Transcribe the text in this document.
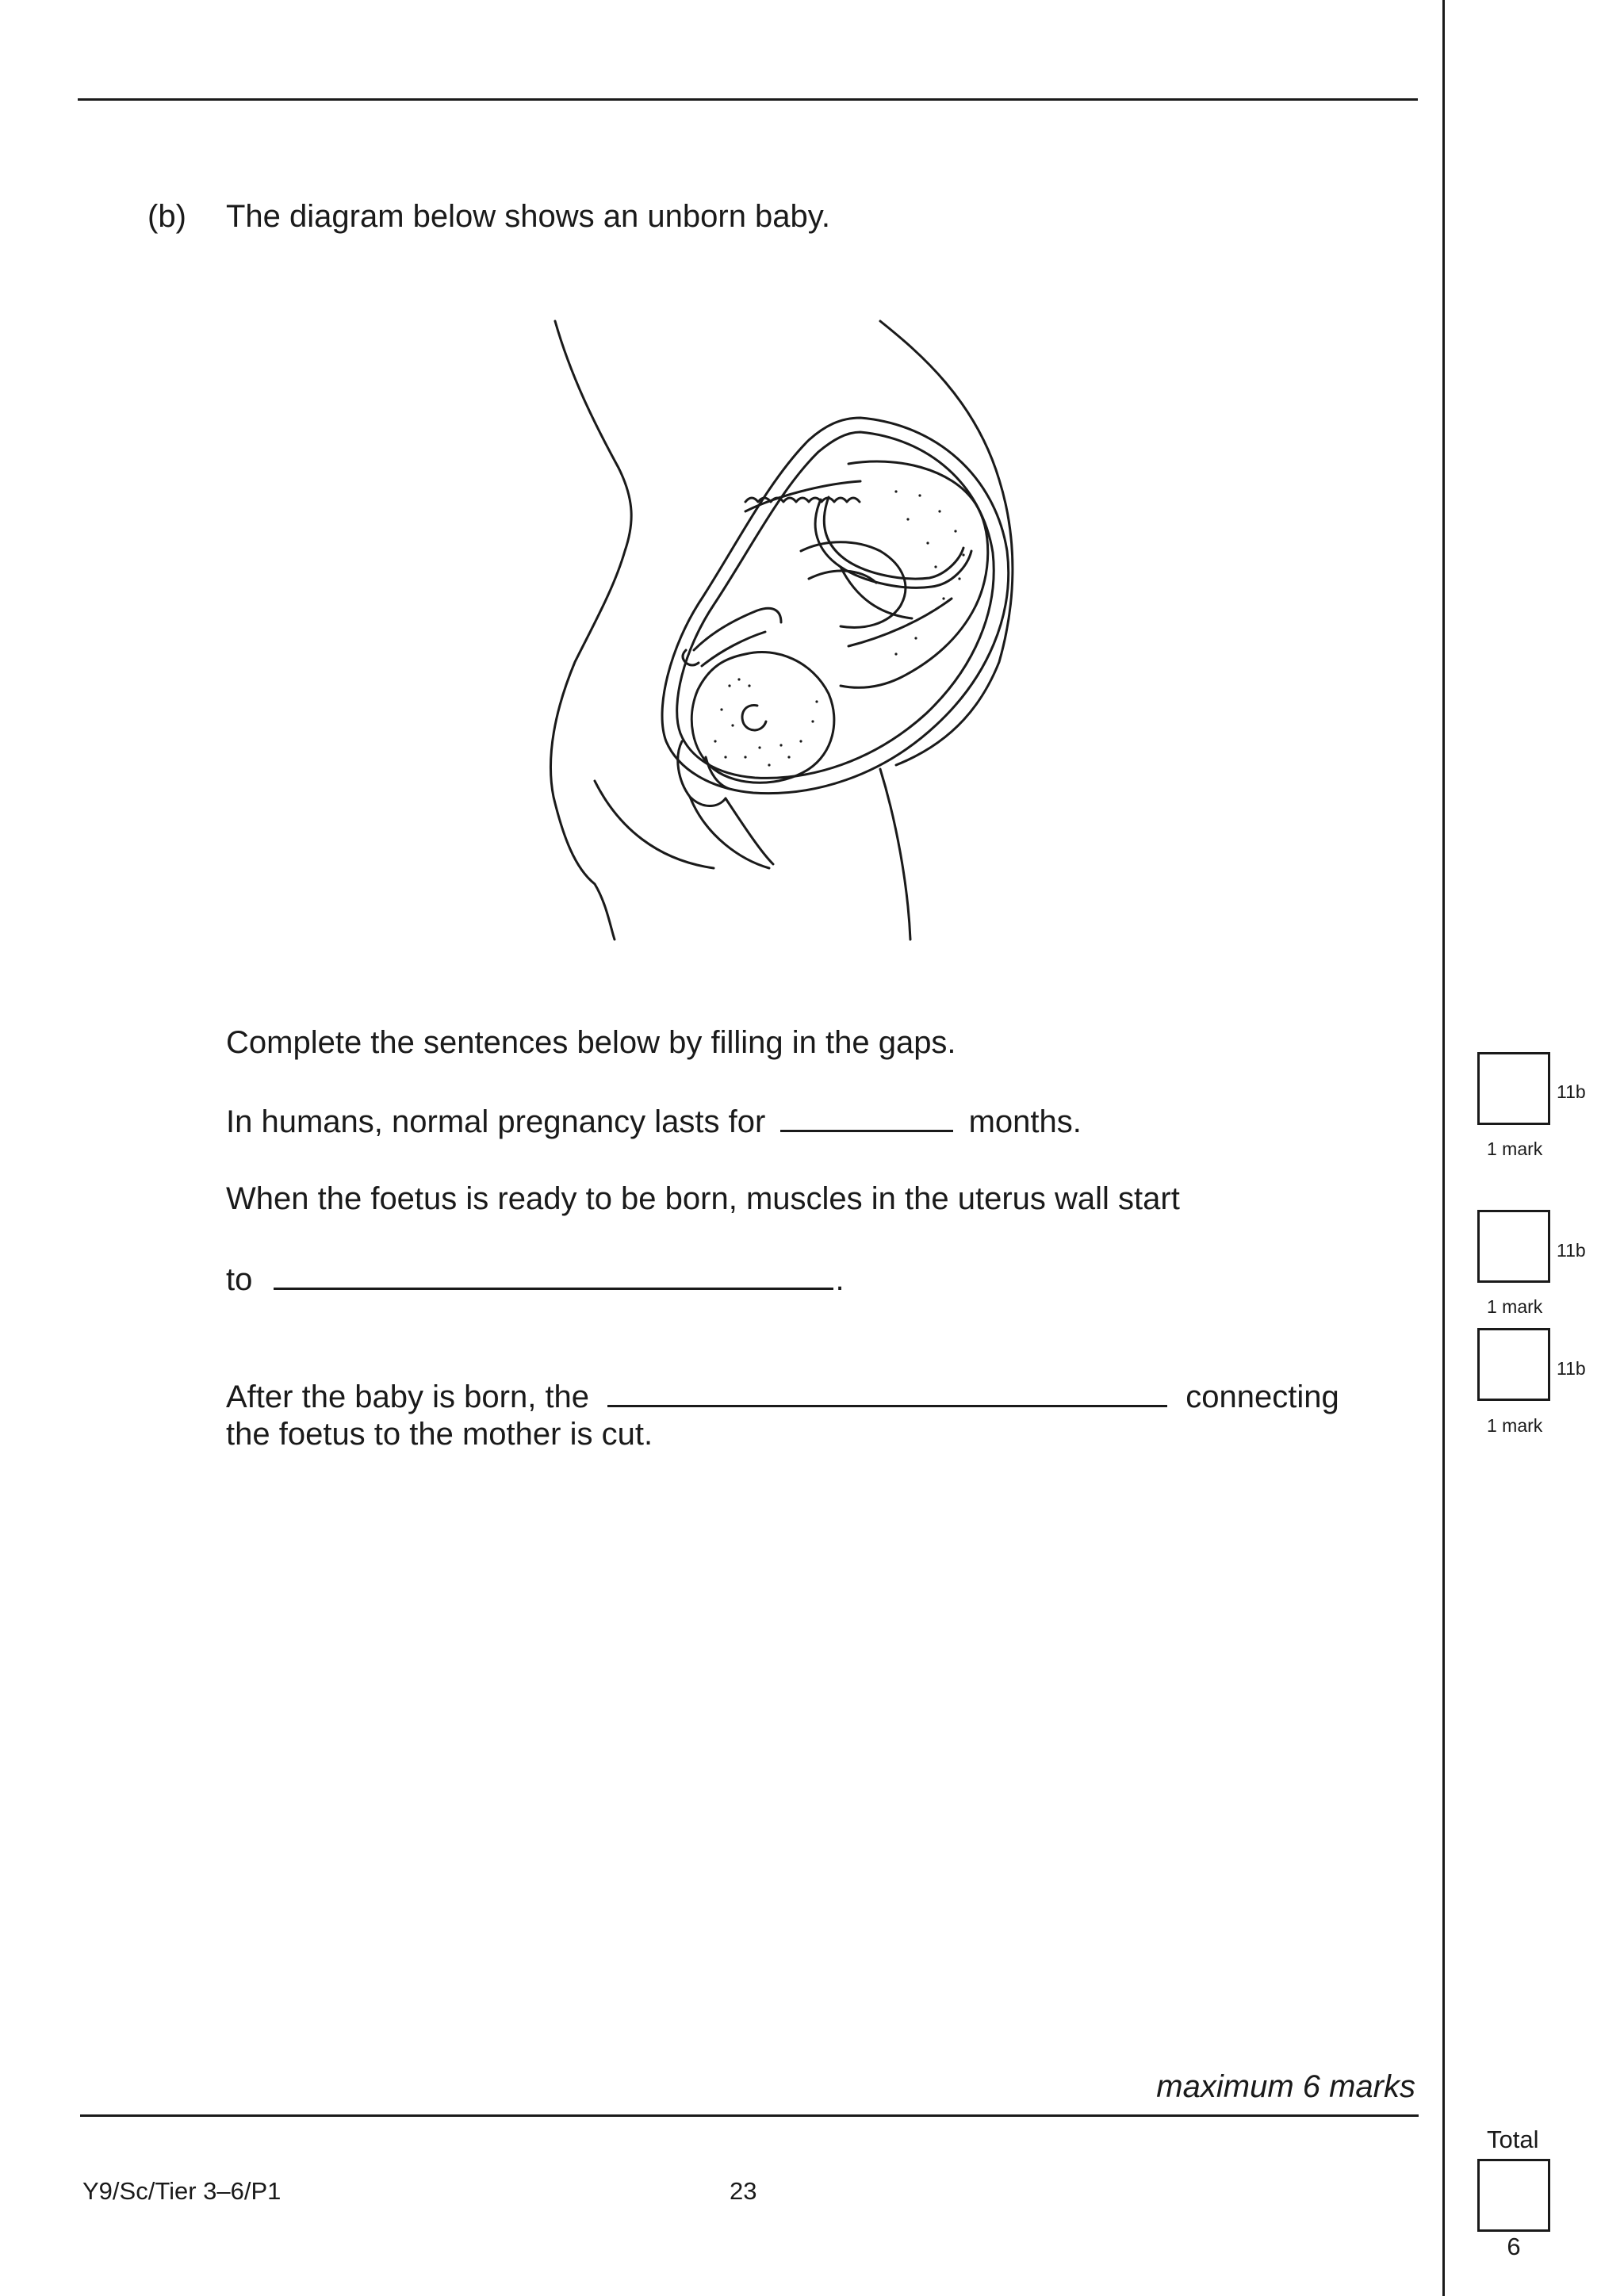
(b) The diagram below shows an unborn baby.
Complete the sentences below by filling in the gaps.
In humans, normal pregnancy lasts for	months.
When the foetus is ready to be born, muscles in the uterus wall start
to	.
After the baby is born, the	connecting
the foetus to the mother is cut.
11b
1 mark
11b
1 mark
11b
1 mark
maximum 6 marks
Total
6
Y9/Sc/Tier 3–6/P1	23
